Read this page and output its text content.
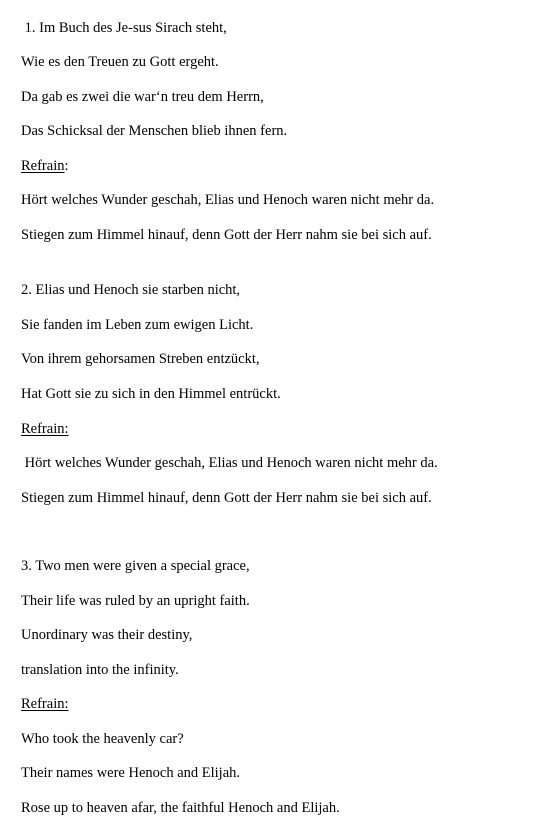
1. Im Buch des Je-sus Sirach steht,
Wie es den Treuen zu Gott ergeht.
Da gab es zwei die war‘n treu dem Herrn,
Das Schicksal der Menschen blieb ihnen fern.
Refrain:
Hört welches Wunder geschah, Elias und Henoch waren nicht mehr da.
Stiegen zum Himmel hinauf, denn Gott der Herr nahm sie bei sich auf.
2. Elias und Henoch sie starben nicht,
Sie fanden im Leben zum ewigen Licht.
Von ihrem gehorsamen Streben entzückt,
Hat Gott sie zu sich in den Himmel entrückt.
Refrain:
Hört welches Wunder geschah, Elias und Henoch waren nicht mehr da.
Stiegen zum Himmel hinauf, denn Gott der Herr nahm sie bei sich auf.
3. Two men were given a special grace,
Their life was ruled by an upright faith.
Unordinary was their destiny,
translation into the infinity.
Refrain:
Who took the heavenly car?
Their names were Henoch and Elijah.
Rose up to heaven afar, the faithful Henoch and Elijah.
